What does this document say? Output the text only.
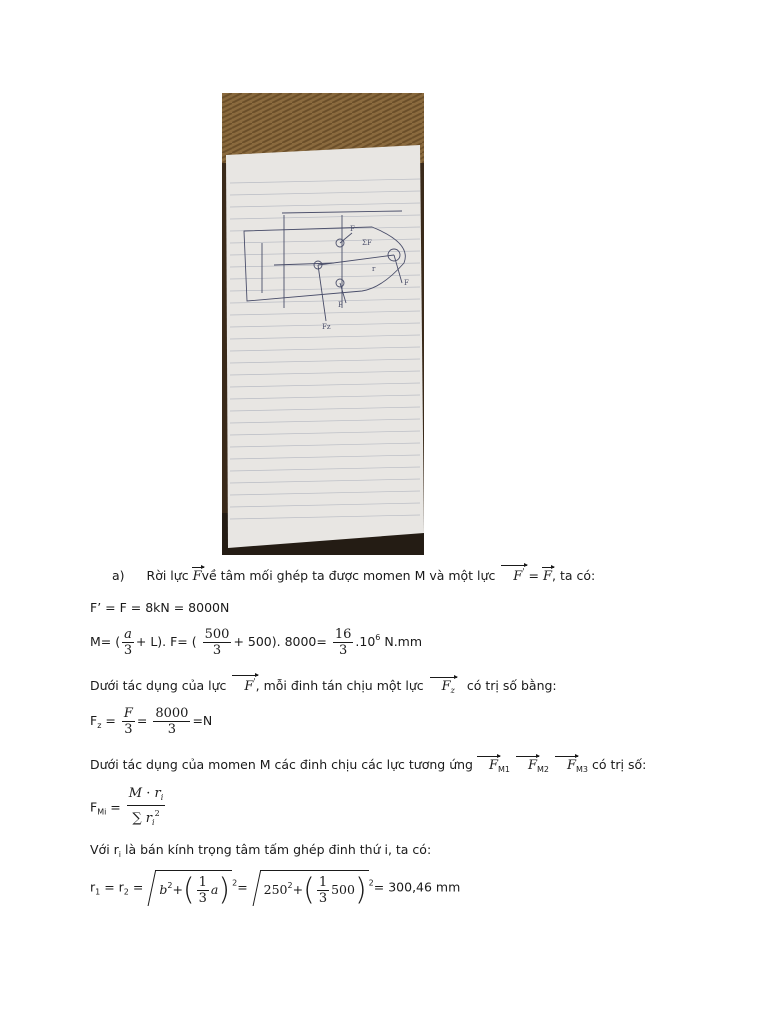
F
F
ΣF
F
Fz
r
a) Rời lực Fvề tâm mối ghép ta được momen M và một lực F' = F, ta có:
F’ = F = 8kN = 8000N
M= ( $\frac{a}{3} + L$). F= ( $\frac{500}{3} + 500$). $8000= \frac{16}{3} .10^6$ N.mm
Dưới tác dụng của lực F', mỗi đinh tán chịu một lực $F_z$ có trị số bằng:
$F_z = \frac{F}{3} = \frac{8000}{3} =N$
Dưới tác dụng của momen M các đinh chịu các lực tương ứng $F_{M1}$ $F_{M2}$ $F_{M3}$ có trị số:
$F_{Mi} = \frac{M \cdot r_i}{\sum r_i^2}$
Với $r_i$ là bán kính trọng tâm tấm ghép đinh thứ i, ta có:
$r_1 = r_2 = b^2+( \frac{1}{3} a)$ $^2= 250^2+( \frac{1}{3} 500)$ $^2$= 300,46 mm
